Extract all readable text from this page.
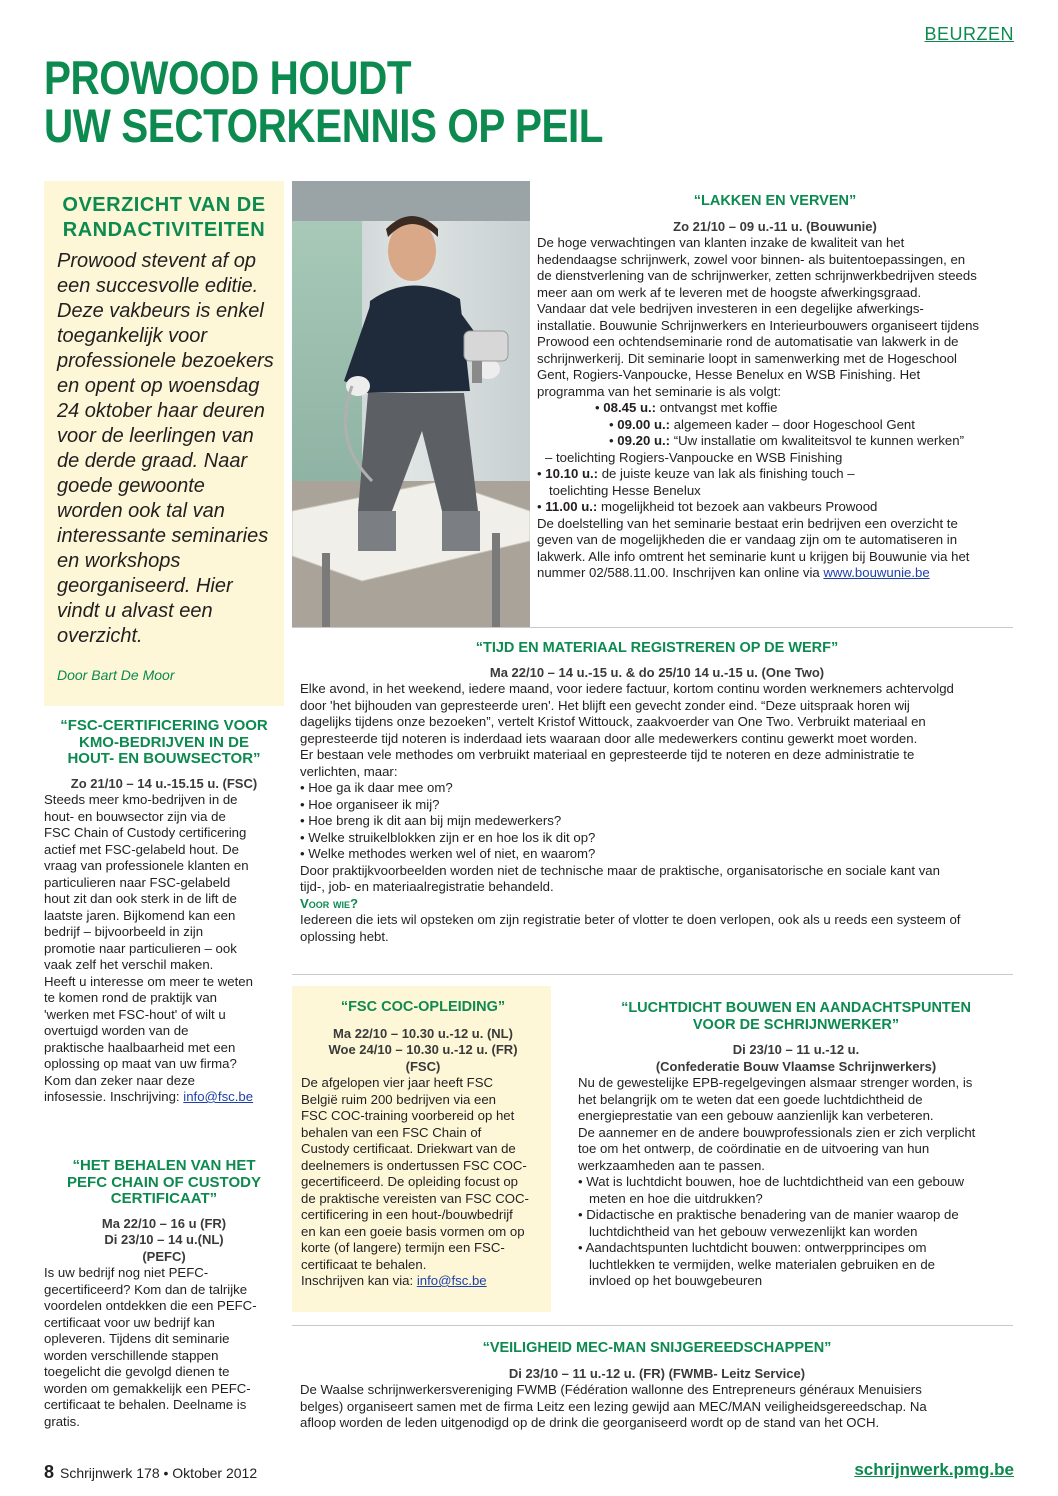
BEURZEN
PROWOOD HOUDT
UW SECTORKENNIS OP PEIL
OVERZICHT VAN DE
RANDACTIVITEITEN
Prowood stevent af op
een succesvolle editie.
Deze vakbeurs is enkel
toegankelijk voor
professionele bezoekers
en opent op woensdag
24 oktober haar deuren
voor de leerlingen van
de derde graad. Naar
goede gewoonte
worden ook tal van
interessante seminaries
en workshops
georganiseerd. Hier
vindt u alvast een
overzicht.
Door Bart De Moor
“FSC-CERTIFICERING VOOR
KMO-BEDRIJVEN IN DE
HOUT- EN BOUWSECTOR”
Zo 21/10 – 14 u.-15.15 u. (FSC)
Steeds meer kmo-bedrijven in de
hout- en bouwsector zijn via de
FSC Chain of Custody certificering
actief met FSC-gelabeld hout. De
vraag van professionele klanten en
particulieren naar FSC-gelabeld
hout zit dan ook sterk in de lift de
laatste jaren. Bijkomend kan een
bedrijf – bijvoorbeeld in zijn
promotie naar particulieren – ook
vaak zelf het verschil maken.
Heeft u interesse om meer te weten
te komen rond de praktijk van
'werken met FSC-hout' of wilt u
overtuigd worden van de
praktische haalbaarheid met een
oplossing op maat van uw firma?
Kom dan zeker naar deze
infosessie. Inschrijving: info@fsc.be
“HET BEHALEN VAN HET
PEFC CHAIN OF CUSTODY
CERTIFICAAT”
Ma 22/10 – 16 u (FR)
Di 23/10 – 14 u.(NL)
(PEFC)
Is uw bedrijf nog niet PEFC-
gecertificeerd? Kom dan de talrijke
voordelen ontdekken die een PEFC-
certificaat voor uw bedrijf kan
opleveren. Tijdens dit seminarie
worden verschillende stappen
toegelicht die gevolgd dienen te
worden om gemakkelijk een PEFC-
certificaat te behalen. Deelname is
gratis.
“LAKKEN EN VERVEN”
Zo 21/10 – 09 u.-11 u. (Bouwunie)
De hoge verwachtingen van klanten inzake de kwaliteit van het
hedendaagse schrijnwerk, zowel voor binnen- als buitentoepassingen, en
de dienstverlening van de schrijnwerker, zetten schrijnwerkbedrijven steeds
meer aan om werk af te leveren met de hoogste afwerkingsgraad.
Vandaar dat vele bedrijven investeren in een degelijke afwerkings-
installatie. Bouwunie Schrijnwerkers en Interieurbouwers organiseert tijdens
Prowood een ochtendseminarie rond de automatisatie van lakwerk in de
schrijnwerkerij. Dit seminarie loopt in samenwerking met de Hogeschool
Gent, Rogiers-Vanpoucke, Hesse Benelux en WSB Finishing. Het
programma van het seminarie is als volgt:
• 08.45 u.: ontvangst met koffie
• 09.00 u.: algemeen kader – door Hogeschool Gent
• 09.20 u.: “Uw installatie om kwaliteitsvol te kunnen werken”
– toelichting Rogiers-Vanpoucke en WSB Finishing
• 10.10 u.: de juiste keuze van lak als finishing touch –
toelichting Hesse Benelux
• 11.00 u.: mogelijkheid tot bezoek aan vakbeurs Prowood
De doelstelling van het seminarie bestaat erin bedrijven een overzicht te
geven van de mogelijkheden die er vandaag zijn om te automatiseren in
lakwerk. Alle info omtrent het seminarie kunt u krijgen bij Bouwunie via het
nummer 02/588.11.00. Inschrijven kan online via www.bouwunie.be
“TIJD EN MATERIAAL REGISTREREN OP DE WERF”
Ma 22/10 – 14 u.-15 u. & do 25/10 14 u.-15 u. (One Two)
Elke avond, in het weekend, iedere maand, voor iedere factuur, kortom continu worden werknemers achtervolgd
door 'het bijhouden van gepresteerde uren'. Het blijft een gevecht zonder eind. “Deze uitspraak horen wij
dagelijks tijdens onze bezoeken”, vertelt Kristof Wittouck, zaakvoerder van One Two. Verbruikt materiaal en
gepresteerde tijd noteren is inderdaad iets waaraan door alle medewerkers continu gewerkt moet worden.
Er bestaan vele methodes om verbruikt materiaal en gepresteerde tijd te noteren en deze administratie te
verlichten, maar:
• Hoe ga ik daar mee om?
• Hoe organiseer ik mij?
• Hoe breng ik dit aan bij mijn medewerkers?
• Welke struikelblokken zijn er en hoe los ik dit op?
• Welke methodes werken wel of niet, en waarom?
Door praktijkvoorbeelden worden niet de technische maar de praktische, organisatorische en sociale kant van
tijd-, job- en materiaalregistratie behandeld.
Voor wie?
Iedereen die iets wil opsteken om zijn registratie beter of vlotter te doen verlopen, ook als u reeds een systeem of
oplossing hebt.
“FSC COC-OPLEIDING”
Ma 22/10 – 10.30 u.-12 u. (NL)
Woe 24/10 – 10.30 u.-12 u. (FR)
(FSC)
De afgelopen vier jaar heeft FSC
België ruim 200 bedrijven via een
FSC COC-training voorbereid op het
behalen van een FSC Chain of
Custody certificaat. Driekwart van de
deelnemers is ondertussen FSC COC-
gecertificeerd. De opleiding focust op
de praktische vereisten van FSC COC-
certificering in een hout-/bouwbedrijf
en kan een goeie basis vormen om op
korte (of langere) termijn een FSC-
certificaat te behalen.
Inschrijven kan via: info@fsc.be
“LUCHTDICHT BOUWEN EN AANDACHTSPUNTEN
VOOR DE SCHRIJNWERKER”
Di 23/10 – 11 u.-12 u.
(Confederatie Bouw Vlaamse Schrijnwerkers)
Nu de gewestelijke EPB-regelgevingen alsmaar strenger worden, is
het belangrijk om te weten dat een goede luchtdichtheid de
energieprestatie van een gebouw aanzienlijk kan verbeteren.
De aannemer en de andere bouwprofessionals zien er zich verplicht
toe om het ontwerp, de coördinatie en de uitvoering van hun
werkzaamheden aan te passen.
• Wat is luchtdicht bouwen, hoe de luchtdichtheid van een gebouw
meten en hoe die uitdrukken?
• Didactische en praktische benadering van de manier waarop de
luchtdichtheid van het gebouw verwezenlijkt kan worden
• Aandachtspunten luchtdicht bouwen: ontwerpprincipes om
luchtlekken te vermijden, welke materialen gebruiken en de
invloed op het bouwgebeuren
“VEILIGHEID MEC-MAN SNIJGEREEDSCHAPPEN”
Di 23/10 – 11 u.-12 u. (FR) (FWMB- Leitz Service)
De Waalse schrijnwerkersvereniging FWMB (Fédération wallonne des Entrepreneurs généraux Menuisiers
belges) organiseert samen met de firma Leitz een lezing gewijd aan MEC/MAN veiligheidsgereedschap. Na
afloop worden de leden uitgenodigd op de drink die georganiseerd wordt op de stand van het OCH.
8 Schrijnwerk 178 • Oktober 2012	schrijnwerk.pmg.be
